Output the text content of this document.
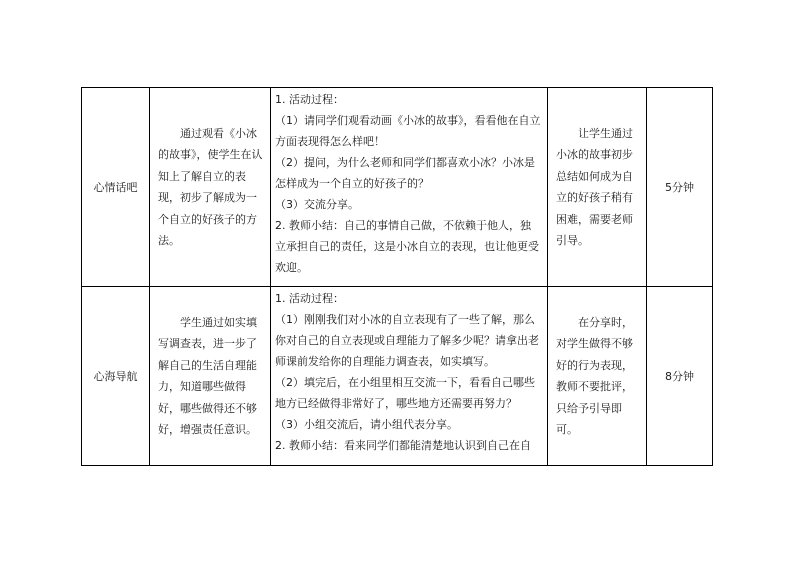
心情话吧	通过观看《小冰的故事》，使学生在认知上了解自立的表现，初步了解成为一个自立的好孩子的方法。	1. 活动过程：
（1）请同学们观看动画《小冰的故事》，看看他在自立方面表现得怎么样吧！
（2）提问，为什么老师和同学们都喜欢小冰？小冰是怎样成为一个自立的好孩子的？
（3）交流分享。
2. 教师小结：自己的事情自己做，不依赖于他人，独立承担自己的责任，这是小冰自立的表现，也让他更受欢迎。	让学生通过小冰的故事初步总结如何成为自立的好孩子稍有困难，需要老师引导。	5分钟
心海导航	学生通过如实填写调查表，进一步了解自己的生活自理能力，知道哪些做得好，哪些做得还不够好，增强责任意识。	1. 活动过程：
（1）刚刚我们对小冰的自立表现有了一些了解，那么你对自己的自立表现或自理能力了解多少呢？请拿出老师课前发给你的自理能力调查表，如实填写。
（2）填完后，在小组里相互交流一下，看看自己哪些地方已经做得非常好了，哪些地方还需要再努力？
（3）小组交流后，请小组代表分享。
2. 教师小结：看来同学们都能清楚地认识到自己在自	在分享时，对学生做得不够好的行为表现，教师不要批评，只给予引导即可。	8分钟
